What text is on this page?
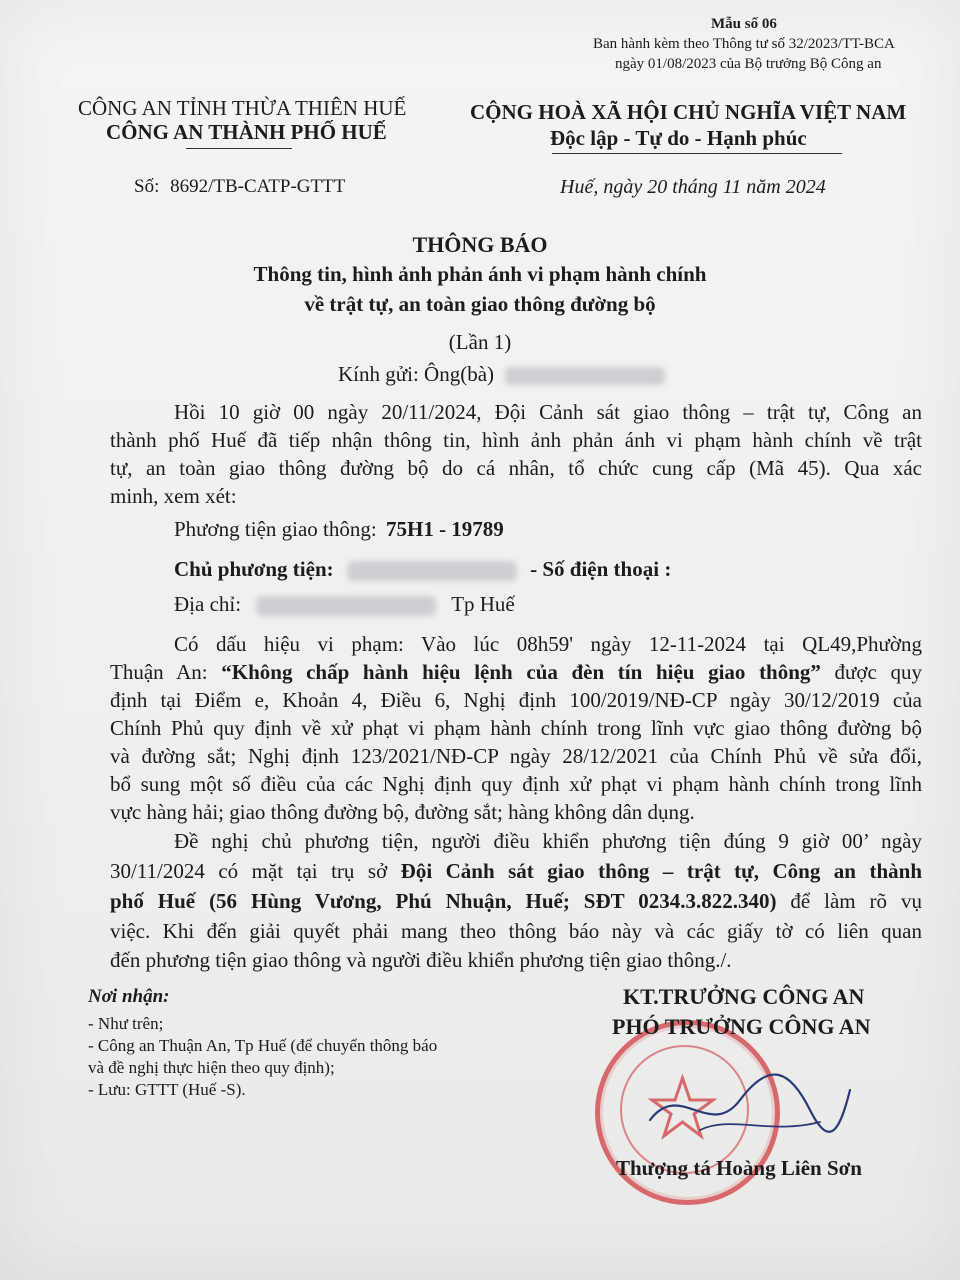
Mẫu số 06
Ban hành kèm theo Thông tư số 32/2023/TT-BCA
ngày 01/08/2023 của Bộ trưởng Bộ Công an
CÔNG AN TỈNH THỪA THIÊN HUẾ
CÔNG AN THÀNH PHỐ HUẾ
Số: 8692/TB-CATP-GTTT
CỘNG HOÀ XÃ HỘI CHỦ NGHĨA VIỆT NAM
Độc lập - Tự do - Hạnh phúc
Huế, ngày 20 tháng 11 năm 2024
THÔNG BÁO
Thông tin, hình ảnh phản ánh vi phạm hành chính
về trật tự, an toàn giao thông đường bộ
(Lần 1)
Kính gửi: Ông(bà)
Hồi 10 giờ 00 ngày 20/11/2024, Đội Cảnh sát giao thông – trật tự, Công an
thành phố Huế đã tiếp nhận thông tin, hình ảnh phản ánh vi phạm hành chính về trật
tự, an toàn giao thông đường bộ do cá nhân, tổ chức cung cấp (Mã 45). Qua xác
minh, xem xét:
Phương tiện giao thông: 75H1 - 19789
Chủ phương tiện:	- Số điện thoại :
Địa chỉ:	Tp Huế
Có dấu hiệu vi phạm: Vào lúc 08h59' ngày 12-11-2024 tại QL49,Phường
Thuận An: “Không chấp hành hiệu lệnh của đèn tín hiệu giao thông” được quy
định tại Điểm e, Khoản 4, Điều 6, Nghị định 100/2019/NĐ-CP ngày 30/12/2019 của
Chính Phủ quy định về xử phạt vi phạm hành chính trong lĩnh vực giao thông đường bộ
và đường sắt; Nghị định 123/2021/NĐ-CP ngày 28/12/2021 của Chính Phủ về sửa đổi,
bổ sung một số điều của các Nghị định quy định xử phạt vi phạm hành chính trong lĩnh
vực hàng hải; giao thông đường bộ, đường sắt; hàng không dân dụng.
Đề nghị chủ phương tiện, người điều khiển phương tiện đúng 9 giờ 00’ ngày
30/11/2024 có mặt tại trụ sở Đội Cảnh sát giao thông – trật tự, Công an thành
phố Huế (56 Hùng Vương, Phú Nhuận, Huế; SĐT 0234.3.822.340) để làm rõ vụ
việc. Khi đến giải quyết phải mang theo thông báo này và các giấy tờ có liên quan
đến phương tiện giao thông và người điều khiển phương tiện giao thông./.
Nơi nhận:
- Như trên;
- Công an Thuận An, Tp Huế (để chuyển thông báo
và đề nghị thực hiện theo quy định);
- Lưu: GTTT (Huế -S).
KT.TRƯỞNG CÔNG AN
PHÓ TRƯỞNG CÔNG AN
Thượng tá Hoàng Liên Sơn
